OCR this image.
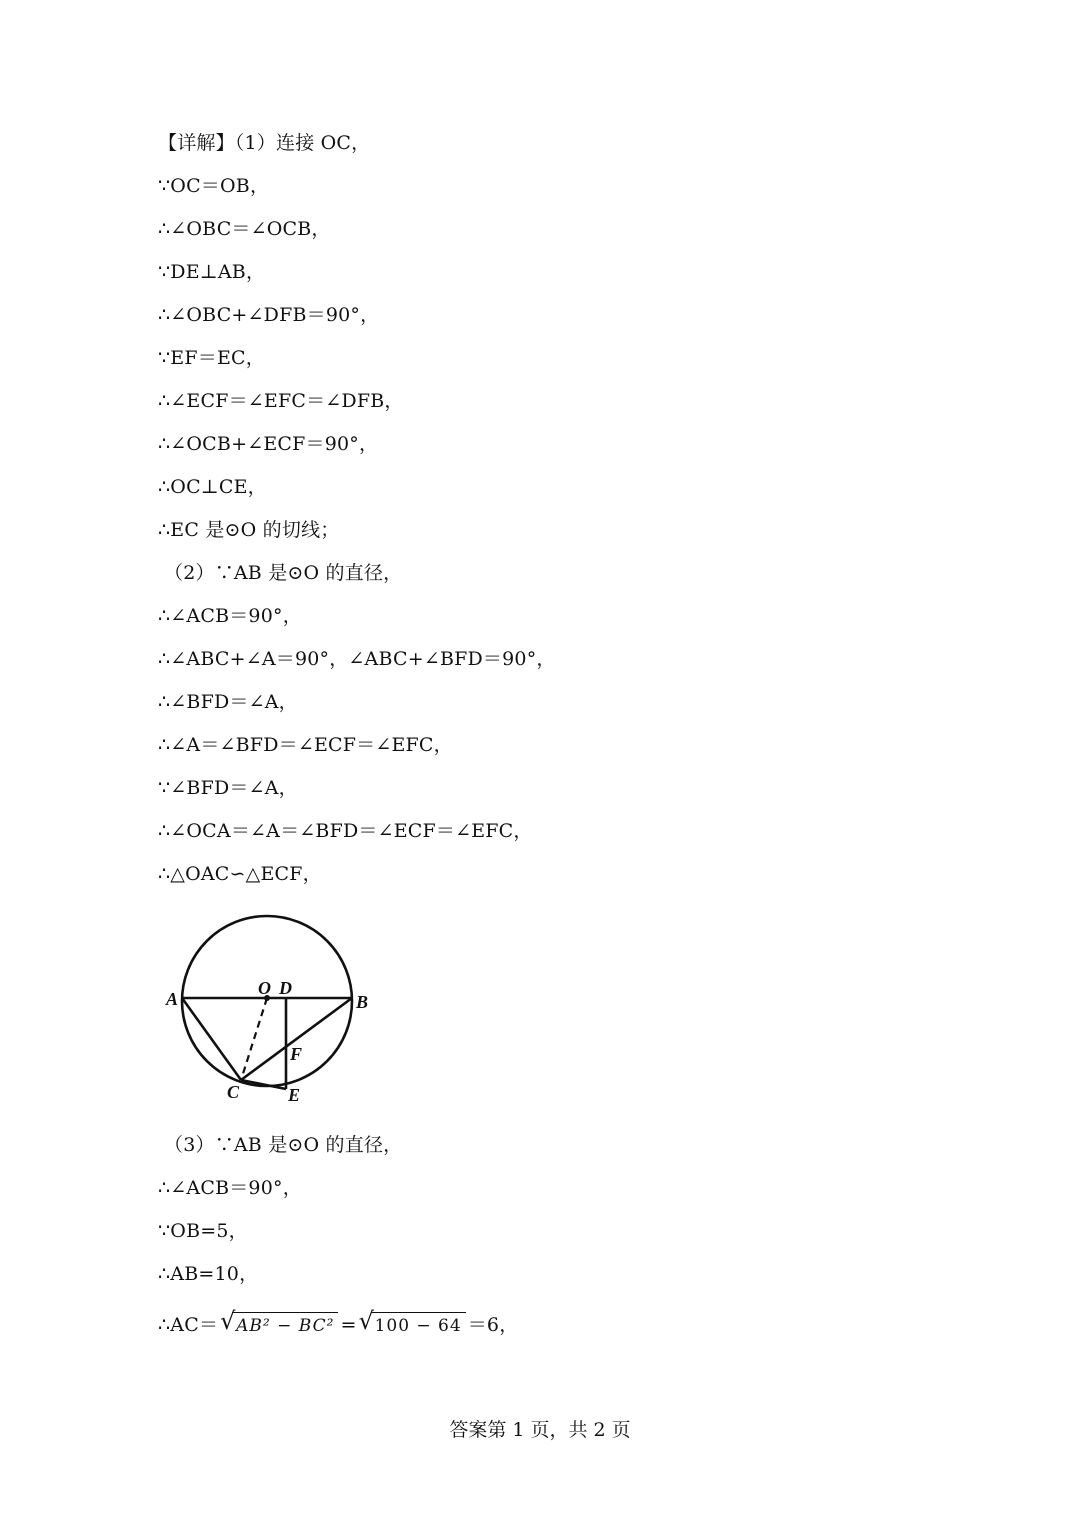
【详解】（1）连接 OC，
∵OC＝OB，
∴∠OBC＝∠OCB，
∵DE⊥AB，
∴∠OBC+∠DFB＝90°，
∵EF＝EC，
∴∠ECF＝∠EFC＝∠DFB，
∴∠OCB+∠ECF＝90°，
∴OC⊥CE，
∴EC 是⊙O 的切线；
（2）∵AB 是⊙O 的直径，
∴∠ACB＝90°，
∴∠ABC+∠A＝90°，∠ABC+∠BFD＝90°，
∴∠BFD＝∠A，
∴∠A＝∠BFD＝∠ECF＝∠EFC，
∵∠BFD＝∠A，
∴∠OCA＝∠A＝∠BFD＝∠ECF＝∠EFC，
∴△OAC∽△ECF，
A
O D
B
F
C	E
（3）∵AB 是⊙O 的直径，
∴∠ACB＝90°，
∵OB=5，
∴AB=10，
∴AC＝ √ AB² − BC² = √ 100 − 64 ＝6，
答案第 1 页，共 2 页
